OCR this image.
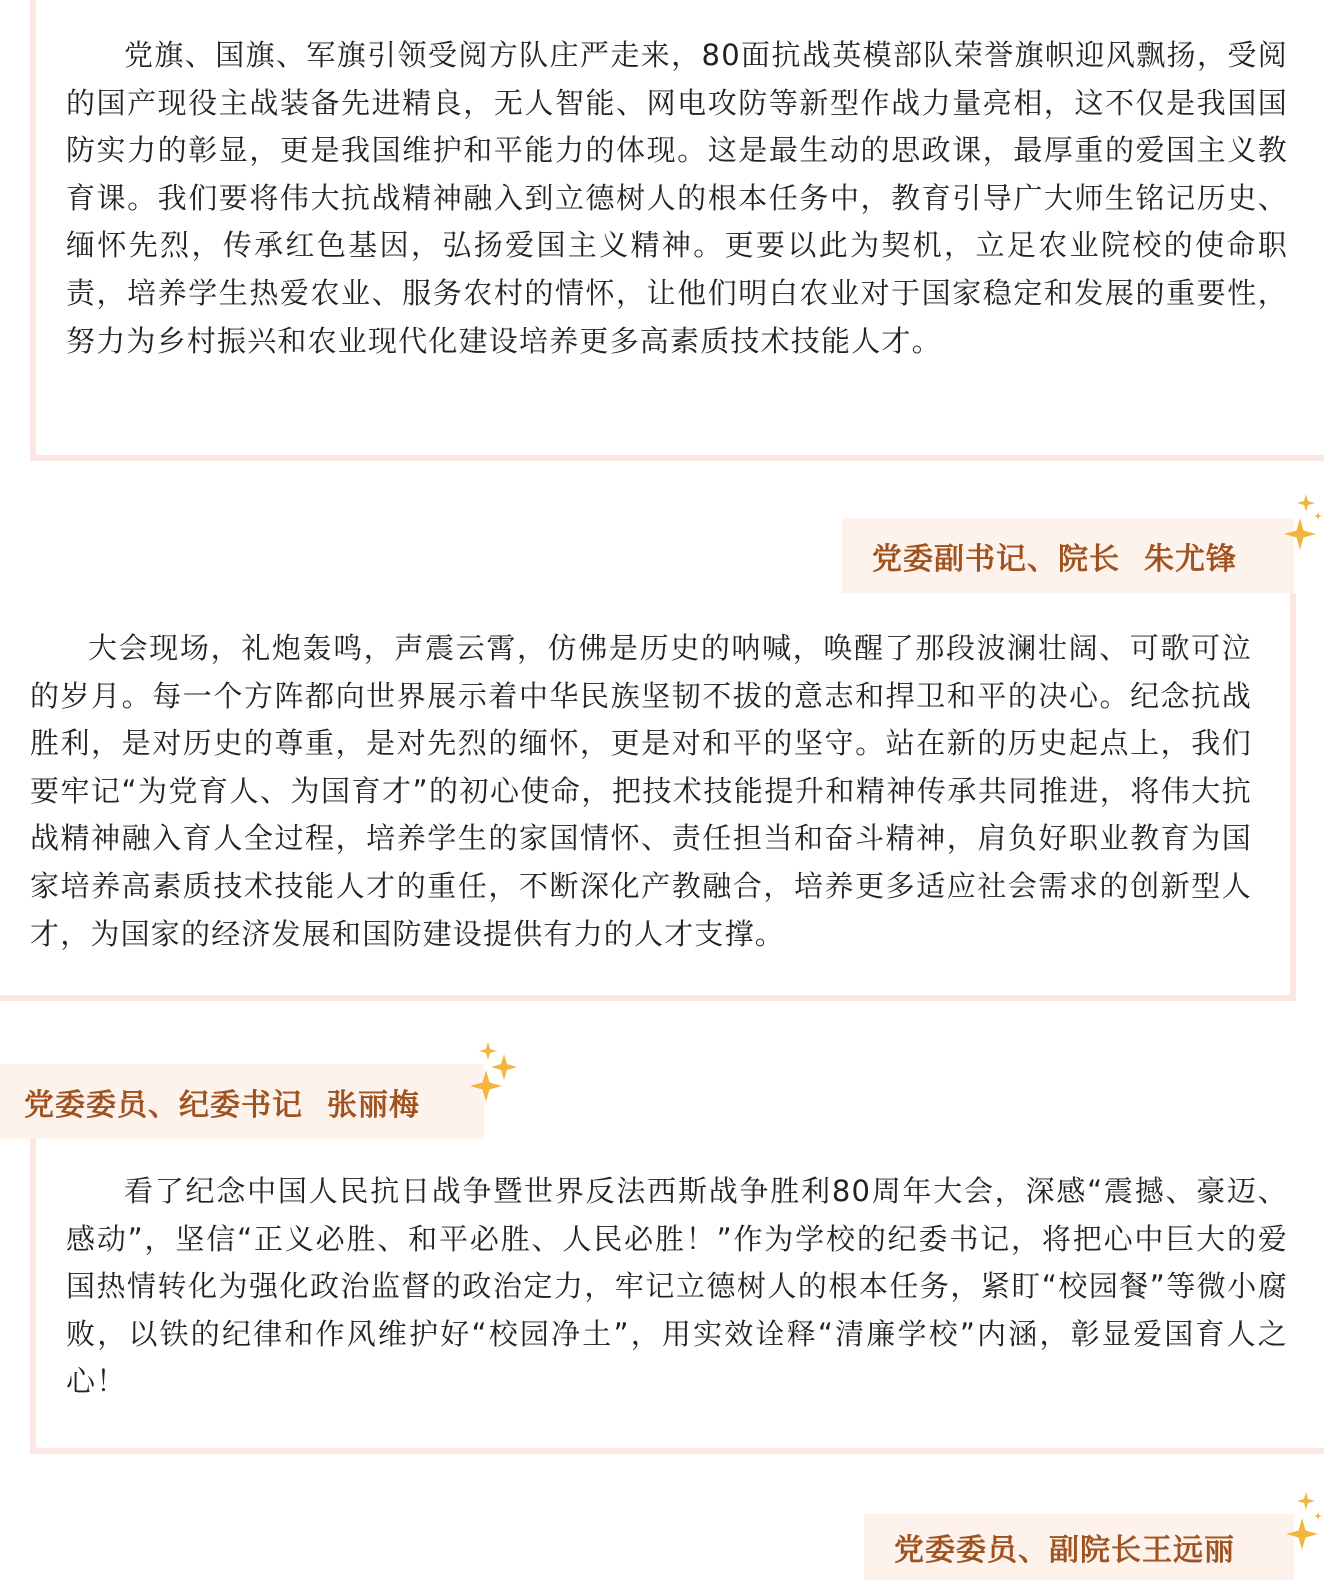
党旗、国旗、军旗引领受阅方队庄严走来，80面抗战英模部队荣誉旗帜迎风飘扬，受阅的国产现役主战装备先进精良，无人智能、网电攻防等新型作战力量亮相，这不仅是我国国防实力的彰显，更是我国维护和平能力的体现。这是最生动的思政课，最厚重的爱国主义教育课。我们要将伟大抗战精神融入到立德树人的根本任务中，教育引导广大师生铭记历史、缅怀先烈，传承红色基因，弘扬爱国主义精神。更要以此为契机，立足农业院校的使命职责，培养学生热爱农业、服务农村的情怀，让他们明白农业对于国家稳定和发展的重要性，努力为乡村振兴和农业现代化建设培养更多高素质技术技能人才。

党委副书记、院长 朱尤锋

大会现场，礼炮轰鸣，声震云霄，仿佛是历史的呐喊，唤醒了那段波澜壮阔、可歌可泣的岁月。每一个方阵都向世界展示着中华民族坚韧不拔的意志和捍卫和平的决心。纪念抗战胜利，是对历史的尊重，是对先烈的缅怀，更是对和平的坚守。站在新的历史起点上，我们要牢记“为党育人、为国育才”的初心使命，把技术技能提升和精神传承共同推进，将伟大抗战精神融入育人全过程，培养学生的家国情怀、责任担当和奋斗精神，肩负好职业教育为国家培养高素质技术技能人才的重任，不断深化产教融合，培养更多适应社会需求的创新型人才，为国家的经济发展和国防建设提供有力的人才支撑。

党委委员、纪委书记 张丽梅

看了纪念中国人民抗日战争暨世界反法西斯战争胜利80周年大会，深感“震撼、豪迈、感动”，坚信“正义必胜、和平必胜、人民必胜！”作为学校的纪委书记，将把心中巨大的爱国热情转化为强化政治监督的政治定力，牢记立德树人的根本任务，紧盯“校园餐”等微小腐败，以铁的纪律和作风维护好“校园净土”，用实效诠释“清廉学校”内涵，彰显爱国育人之心！

党委委员、副院长王远丽
